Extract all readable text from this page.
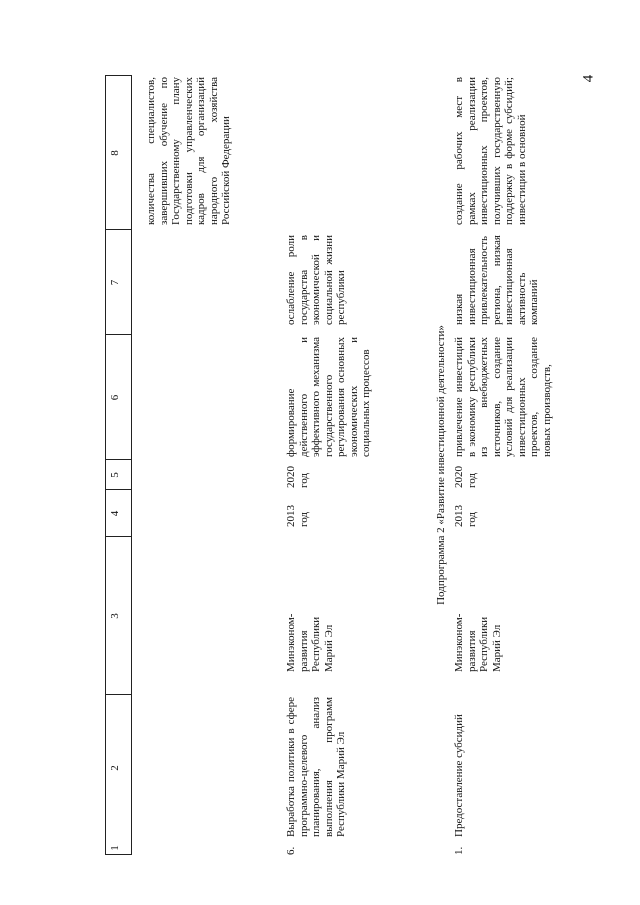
4
1
2
3
4
5
6
7
8 количества специалистов, завершивших обучение по Государственному плану подготовки управленческих кадров для организаций народного хозяйства Российской Федерации
6.
Выработка политики в сфере программно-целевого планирования, анализ выполнения программ Республики Марий Эл
Минэконом-развития Республики Марий Эл
2013 год
2020 год
формирование действенного и эффективного механизма государственного регулирования основных экономических и социальных процессов
ослабление роли государства в экономической и социальной жизни республики
Подпрограмма 2 «Развитие инвестиционной деятельности»
1.
Предоставление субсидий
Минэконом-развития Республики Марий Эл
2013 год
2020 год
привлечение инвестиций в экономику республики из внебюджетных источников, создание условий для реализации инвестиционных проектов, создание новых производств,
низкая инвестиционная привлекательность региона, низкая инвестиционная активность компаний
создание рабочих мест в рамках реализации инвестиционных проектов, получивших государственную поддержку в форме субсидий; инвестиции в основной
